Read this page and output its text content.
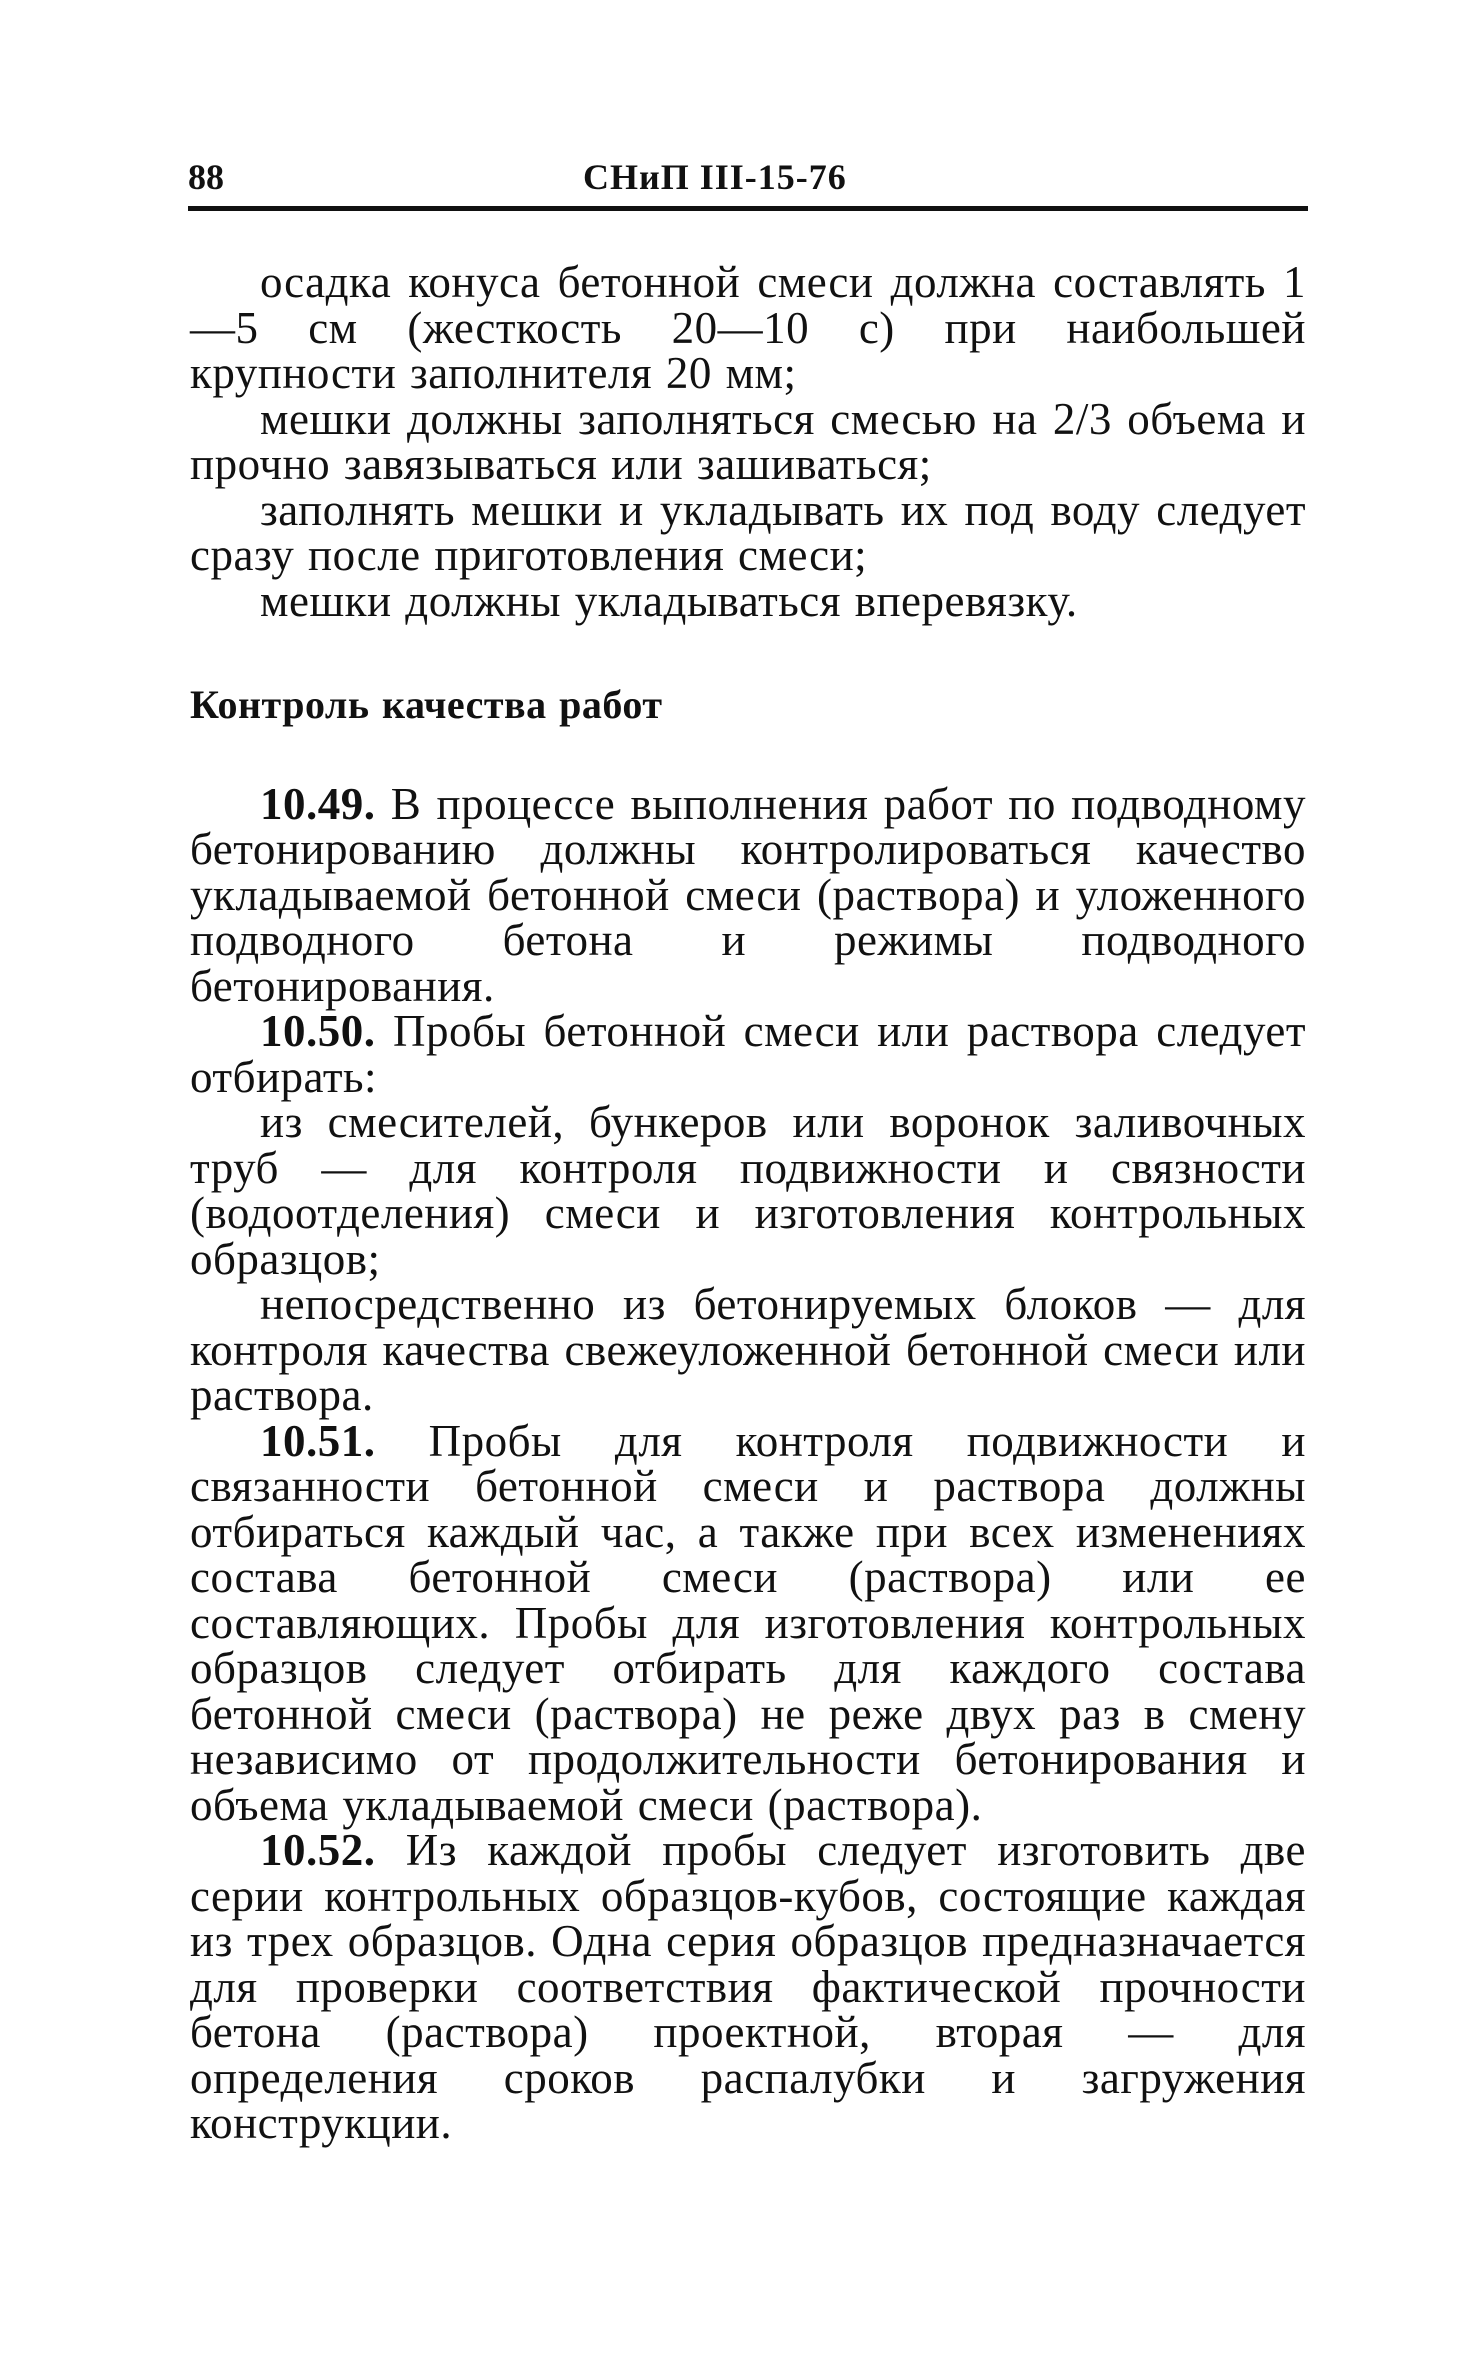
88	СНиП III-15-76

осадка конуса бетонной смеси должна составлять 1—5 см (жесткость 20—10 с) при наибольшей крупности заполнителя 20 мм;

мешки должны заполняться смесью на 2/3 объема и прочно завязываться или зашиваться;

заполнять мешки и укладывать их под воду следует сразу после приготовления смеси;

мешки должны укладываться вперевязку.

Контроль качества работ

10.49. В процессе выполнения работ по подводному бетонированию должны контролироваться качество укладываемой бетонной смеси (раствора) и уложенного подводного бетона и режимы подводного бетонирования.

10.50. Пробы бетонной смеси или раствора следует отбирать:

из смесителей, бункеров или воронок заливочных труб — для контроля подвижности и связности (водоотделения) смеси и изготовления контрольных образцов;

непосредственно из бетонируемых блоков — для контроля качества свежеуложенной бетонной смеси или раствора.

10.51. Пробы для контроля подвижности и связанности бетонной смеси и раствора должны отбираться каждый час, а также при всех изменениях состава бетонной смеси (раствора) или ее составляющих. Пробы для изготовления контрольных образцов следует отбирать для каждого состава бетонной смеси (раствора) не реже двух раз в смену независимо от продолжительности бетонирования и объема укладываемой смеси (раствора).

10.52. Из каждой пробы следует изготовить две серии контрольных образцов-кубов, состоящие каждая из трех образцов. Одна серия образцов предназначается для проверки соответствия фактической прочности бетона (раствора) проектной, вторая — для определения сроков распалубки и загружения конструкции.
